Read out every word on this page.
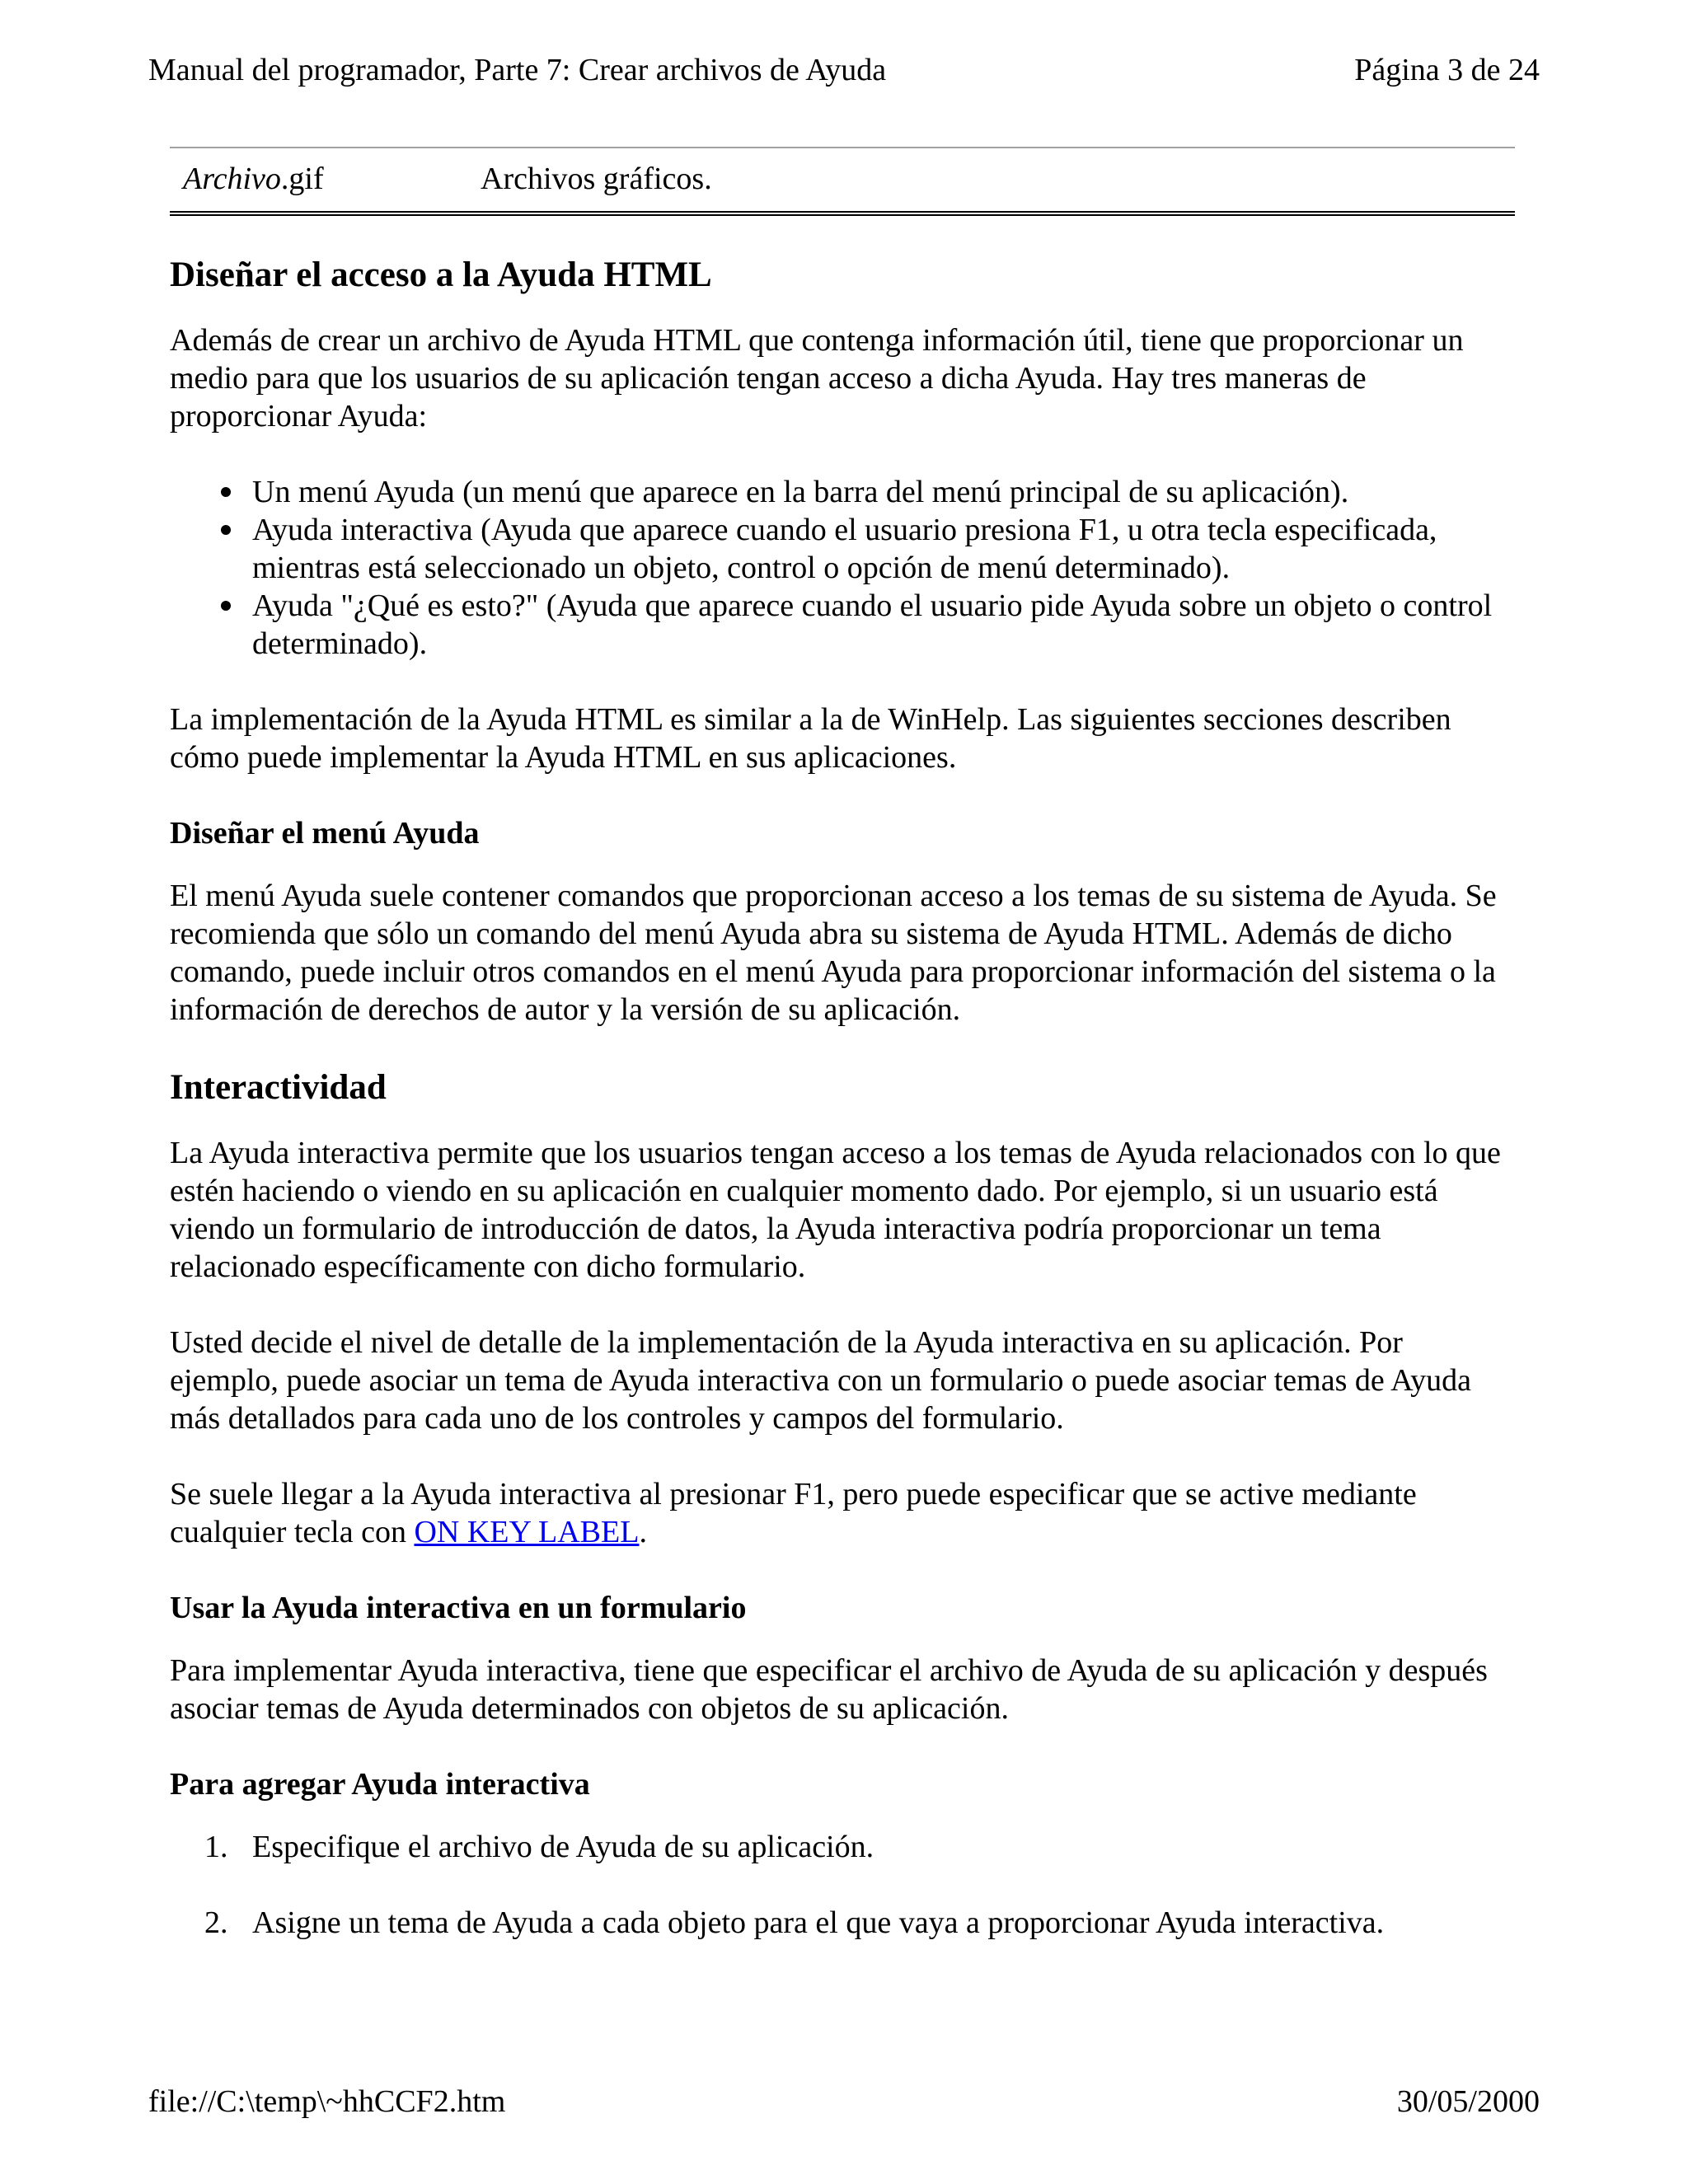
Manual del programador, Parte 7: Crear archivos de Ayuda	Página 3 de 24
Archivo.gif	Archivos gráficos.
Diseñar el acceso a la Ayuda HTML

Además de crear un archivo de Ayuda HTML que contenga información útil, tiene que proporcionar un medio para que los usuarios de su aplicación tengan acceso a dicha Ayuda. Hay tres maneras de proporcionar Ayuda:

Un menú Ayuda (un menú que aparece en la barra del menú principal de su aplicación).
Ayuda interactiva (Ayuda que aparece cuando el usuario presiona F1, u otra tecla especificada, mientras está seleccionado un objeto, control o opción de menú determinado).
Ayuda "¿Qué es esto?" (Ayuda que aparece cuando el usuario pide Ayuda sobre un objeto o control determinado).

La implementación de la Ayuda HTML es similar a la de WinHelp. Las siguientes secciones describen cómo puede implementar la Ayuda HTML en sus aplicaciones.

Diseñar el menú Ayuda

El menú Ayuda suele contener comandos que proporcionan acceso a los temas de su sistema de Ayuda. Se recomienda que sólo un comando del menú Ayuda abra su sistema de Ayuda HTML. Además de dicho comando, puede incluir otros comandos en el menú Ayuda para proporcionar información del sistema o la información de derechos de autor y la versión de su aplicación.

Interactividad

La Ayuda interactiva permite que los usuarios tengan acceso a los temas de Ayuda relacionados con lo que estén haciendo o viendo en su aplicación en cualquier momento dado. Por ejemplo, si un usuario está viendo un formulario de introducción de datos, la Ayuda interactiva podría proporcionar un tema relacionado específicamente con dicho formulario.

Usted decide el nivel de detalle de la implementación de la Ayuda interactiva en su aplicación. Por ejemplo, puede asociar un tema de Ayuda interactiva con un formulario o puede asociar temas de Ayuda más detallados para cada uno de los controles y campos del formulario.

Se suele llegar a la Ayuda interactiva al presionar F1, pero puede especificar que se active mediante cualquier tecla con ON KEY LABEL.

Usar la Ayuda interactiva en un formulario

Para implementar Ayuda interactiva, tiene que especificar el archivo de Ayuda de su aplicación y después asociar temas de Ayuda determinados con objetos de su aplicación.

Para agregar Ayuda interactiva
1. Especifique el archivo de Ayuda de su aplicación.
2. Asigne un tema de Ayuda a cada objeto para el que vaya a proporcionar Ayuda interactiva.
file://C:\temp\~hhCCF2.htm	30/05/2000
